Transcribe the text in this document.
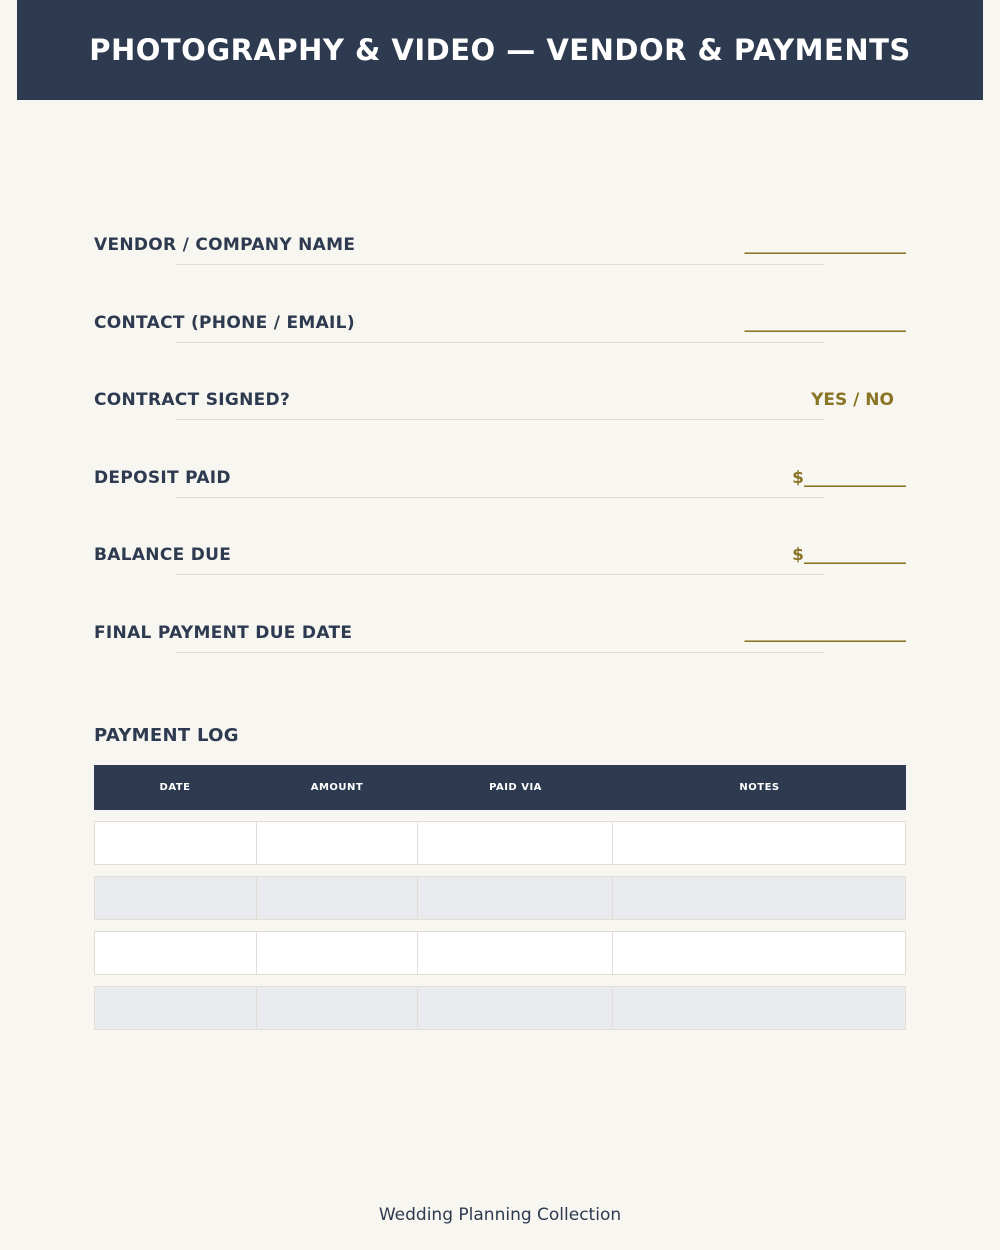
PHOTOGRAPHY & VIDEO — VENDOR & PAYMENTS
VENDOR / COMPANY NAME	___________________
CONTACT (PHONE / EMAIL)	___________________
CONTRACT SIGNED?	YES / NO
DEPOSIT PAID	$____________
BALANCE DUE	$____________
FINAL PAYMENT DUE DATE	___________________
PAYMENT LOG
DATE	AMOUNT	PAID VIA	NOTES
Wedding Planning Collection
